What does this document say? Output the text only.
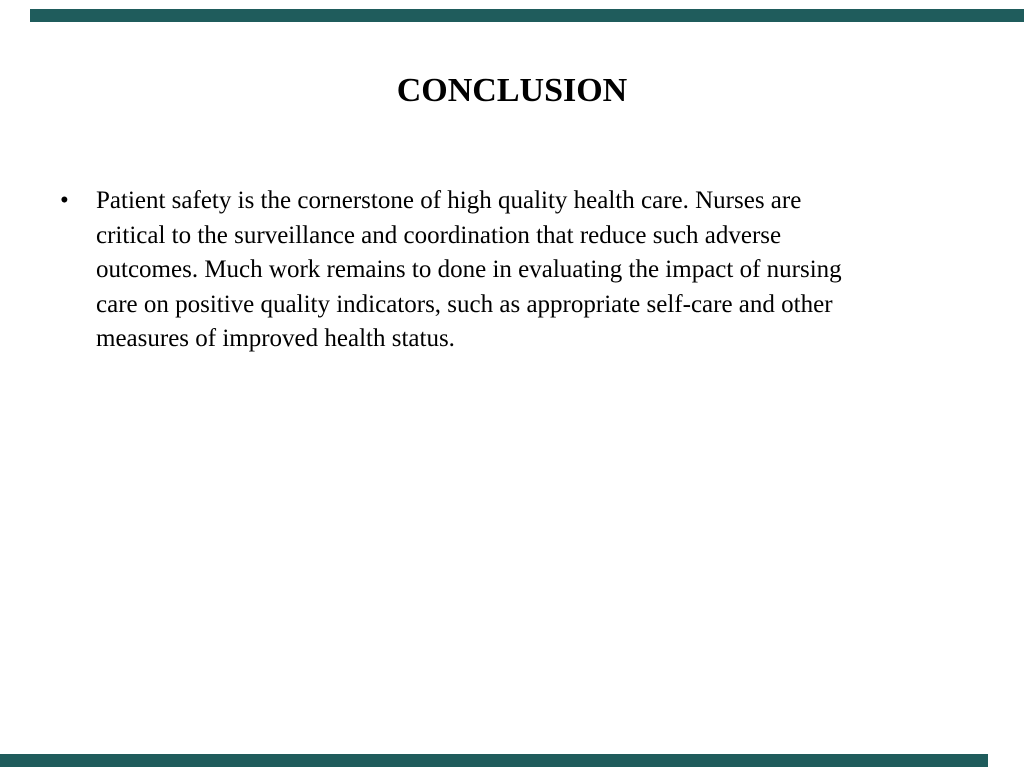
CONCLUSION
•	Patient safety is the cornerstone of high quality health care. Nurses are
critical to the surveillance and coordination that reduce such adverse
outcomes. Much work remains to done in evaluating the impact of nursing
care on positive quality indicators, such as appropriate self-care and other
measures of improved health status.
